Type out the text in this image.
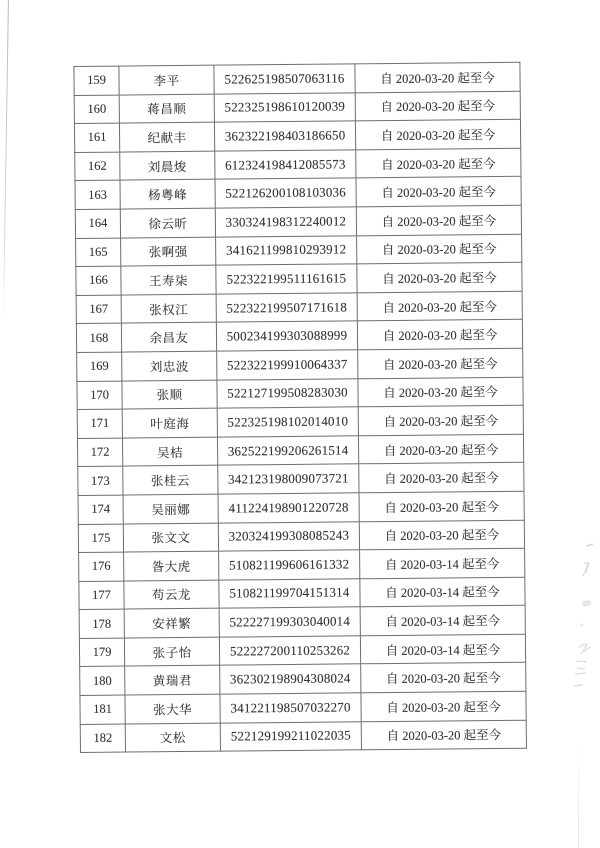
159	李平	522625198507063116	自 2020-03-20 起至今
160	蒋昌顺	522325198610120039	自 2020-03-20 起至今
161	纪献丰	362322198403186650	自 2020-03-20 起至今
162	刘晨焌	612324198412085573	自 2020-03-20 起至今
163	杨粤峰	522126200108103036	自 2020-03-20 起至今
164	徐云昕	330324198312240012	自 2020-03-20 起至今
165	张啊强	341621199810293912	自 2020-03-20 起至今
166	王寿柒	522322199511161615	自 2020-03-20 起至今
167	张权江	522322199507171618	自 2020-03-20 起至今
168	余昌友	500234199303088999	自 2020-03-20 起至今
169	刘忠波	522322199910064337	自 2020-03-20 起至今
170	张顺	522127199508283030	自 2020-03-20 起至今
171	叶庭海	522325198102014010	自 2020-03-20 起至今
172	吴桔	362522199206261514	自 2020-03-20 起至今
173	张桂云	342123198009073721	自 2020-03-20 起至今
174	吴丽娜	411224198901220728	自 2020-03-20 起至今
175	张文文	320324199308085243	自 2020-03-20 起至今
176	昝大虎	510821199606161332	自 2020-03-14 起至今
177	苟云龙	510821199704151314	自 2020-03-14 起至今
178	安祥繁	522227199303040014	自 2020-03-14 起至今
179	张子怡	522227200110253262	自 2020-03-14 起至今
180	黄瑞君	362302198904308024	自 2020-03-20 起至今
181	张大华	341221198507032270	自 2020-03-20 起至今
182	文松	522129199211022035	自 2020-03-20 起至今
